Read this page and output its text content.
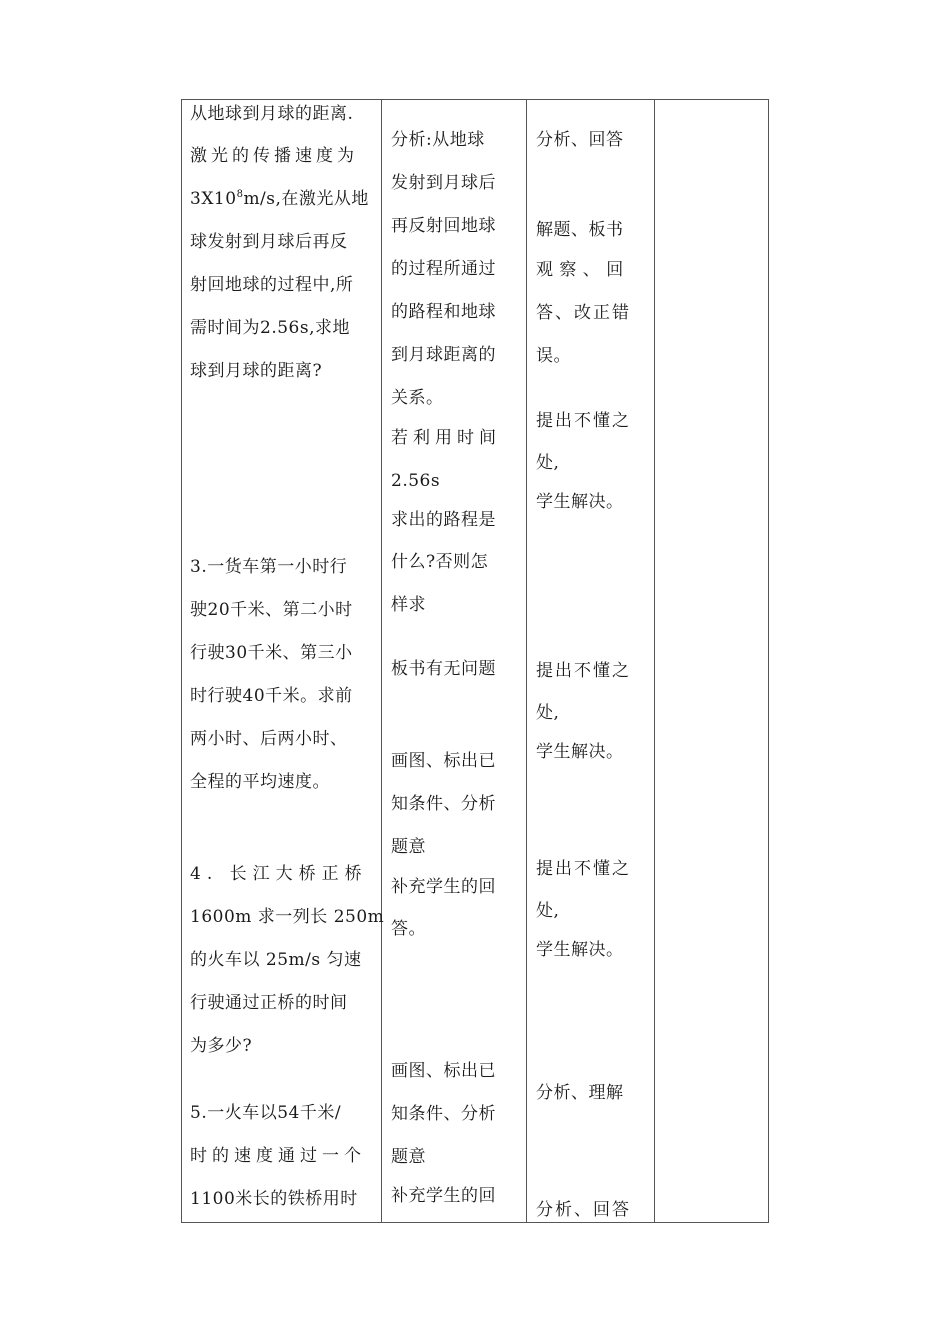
从地球到月球的距离.
激光的传播速度为
$3X10^8m/s$,在激光从地
球发射到月球后再反
射回地球的过程中,所
需时间为2.56s,求地
球到月球的距离?
3.一货车第一小时行
驶20千米、第二小时
行驶30千米、第三小
时行驶40千米。求前
两小时、后两小时、
全程的平均速度。
4. 长江大桥正桥
1600m 求一列长 250m
的火车以 25m/s 匀速
行驶通过正桥的时间
为多少?
5.一火车以54千米/
时的速度通过一个
1100米长的铁桥用时
分析:从地球
发射到月球后
再反射回地球
的过程所通过
的路程和地球
到月球距离的
关系。
若利用时间
2.56s
求出的路程是
什么?否则怎
样求
板书有无问题
画图、标出已
知条件、分析
题意
补充学生的回
答。
画图、标出已
知条件、分析
题意
补充学生的回
分析、回答
解题、板书
观 察 、 回
答、改正错
误。
提出不懂之
处,
学生解决。
提出不懂之
处,
学生解决。
提出不懂之
处,
学生解决。
分析、理解
分析、回答
